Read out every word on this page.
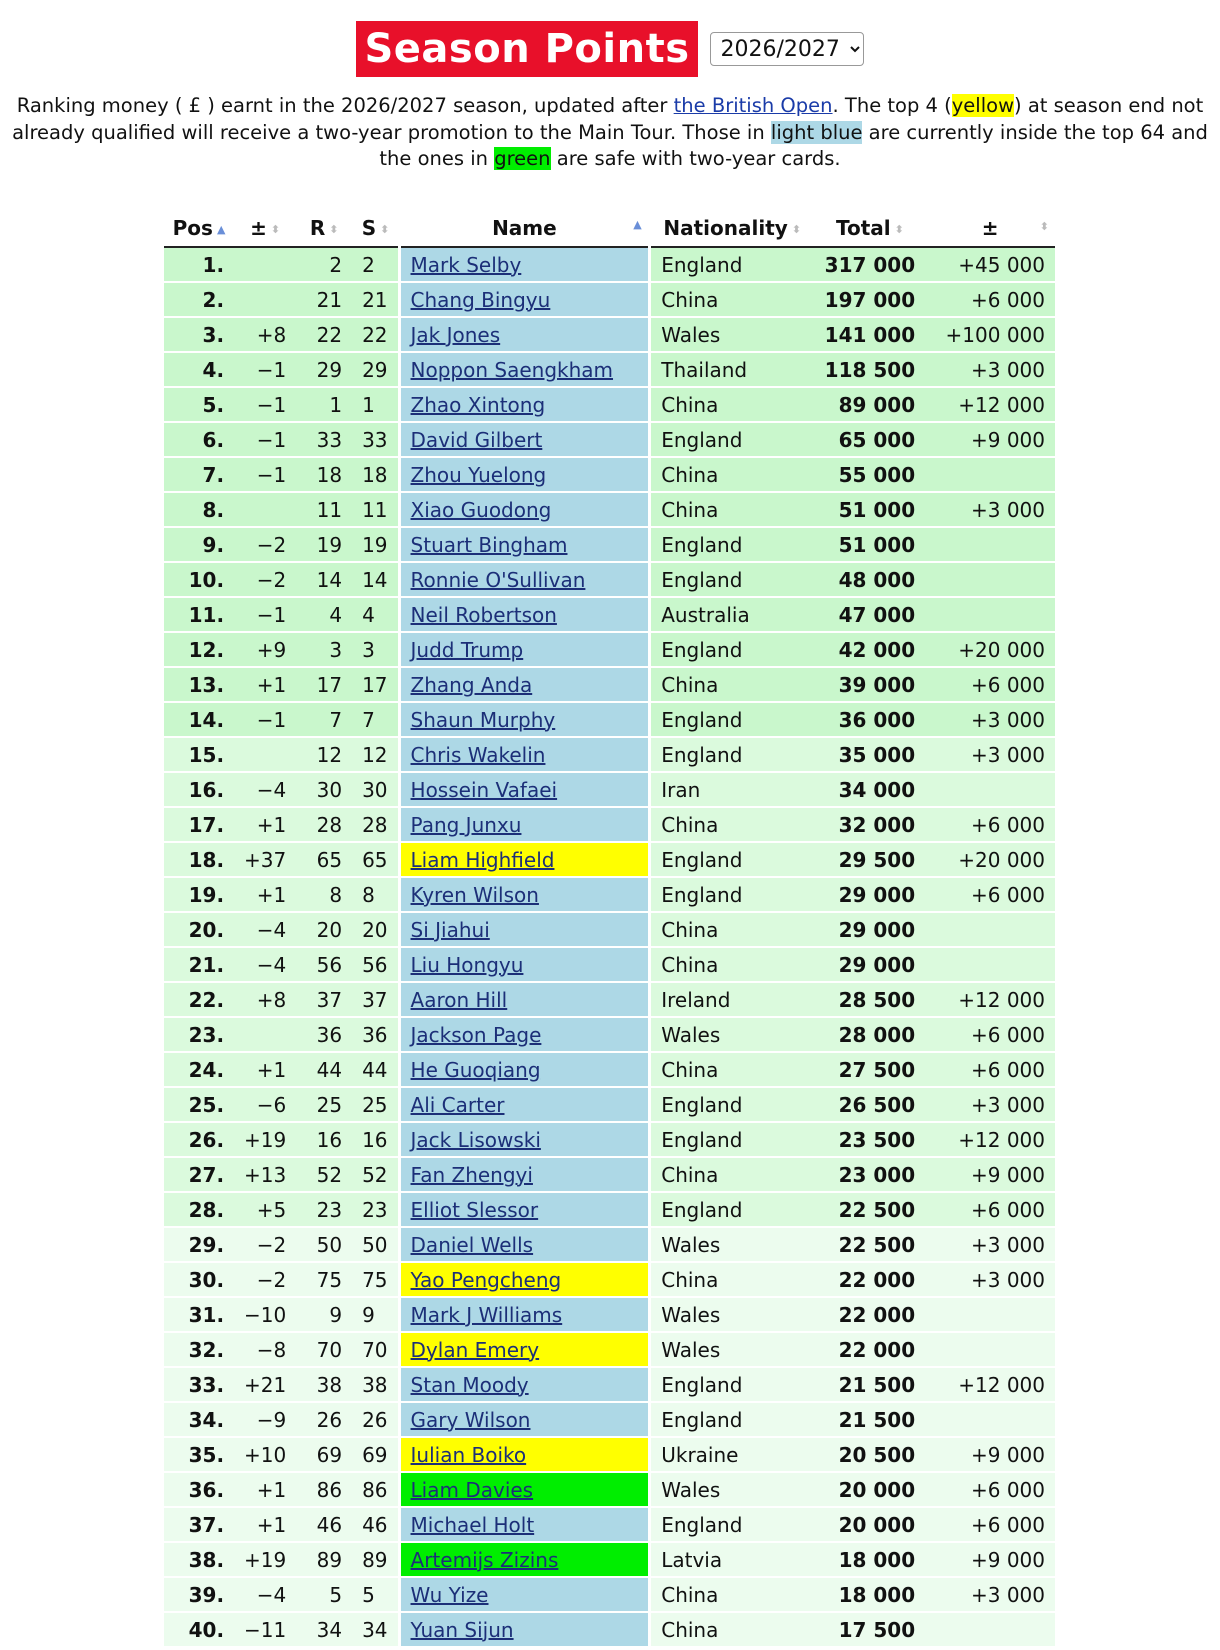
Season Points
2026/2027
Ranking money ( £ ) earnt in the 2026/2027 season, updated after the British Open. The top 4 (yellow) at season end not already qualified will receive a two-year promotion to the Main Tour. Those in light blue are currently inside the top 64 and the ones in green are safe with two-year cards.
Pos ▲	± ⬍	R ⬍	S ⬍	Name ▲	Nationality ⬍	Total ⬍	± ⬍

1.		2	2	Mark Selby	England	317 000	+45 000
2.		21	21	Chang Bingyu	China	197 000	+6 000
3.	+8	22	22	Jak Jones	Wales	141 000	+100 000
4.	−1	29	29	Noppon Saengkham	Thailand	118 500	+3 000
5.	−1	1	1	Zhao Xintong	China	89 000	+12 000
6.	−1	33	33	David Gilbert	England	65 000	+9 000
7.	−1	18	18	Zhou Yuelong	China	55 000	
8.		11	11	Xiao Guodong	China	51 000	+3 000
9.	−2	19	19	Stuart Bingham	England	51 000	
10.	−2	14	14	Ronnie O'Sullivan	England	48 000	
11.	−1	4	4	Neil Robertson	Australia	47 000	
12.	+9	3	3	Judd Trump	England	42 000	+20 000
13.	+1	17	17	Zhang Anda	China	39 000	+6 000
14.	−1	7	7	Shaun Murphy	England	36 000	+3 000
15.		12	12	Chris Wakelin	England	35 000	+3 000
16.	−4	30	30	Hossein Vafaei	Iran	34 000	
17.	+1	28	28	Pang Junxu	China	32 000	+6 000
18.	+37	65	65	Liam Highfield	England	29 500	+20 000
19.	+1	8	8	Kyren Wilson	England	29 000	+6 000
20.	−4	20	20	Si Jiahui	China	29 000	
21.	−4	56	56	Liu Hongyu	China	29 000	
22.	+8	37	37	Aaron Hill	Ireland	28 500	+12 000
23.		36	36	Jackson Page	Wales	28 000	+6 000
24.	+1	44	44	He Guoqiang	China	27 500	+6 000
25.	−6	25	25	Ali Carter	England	26 500	+3 000
26.	+19	16	16	Jack Lisowski	England	23 500	+12 000
27.	+13	52	52	Fan Zhengyi	China	23 000	+9 000
28.	+5	23	23	Elliot Slessor	England	22 500	+6 000
29.	−2	50	50	Daniel Wells	Wales	22 500	+3 000
30.	−2	75	75	Yao Pengcheng	China	22 000	+3 000
31.	−10	9	9	Mark J Williams	Wales	22 000	
32.	−8	70	70	Dylan Emery	Wales	22 000	
33.	+21	38	38	Stan Moody	England	21 500	+12 000
34.	−9	26	26	Gary Wilson	England	21 500	
35.	+10	69	69	Iulian Boiko	Ukraine	20 500	+9 000
36.	+1	86	86	Liam Davies	Wales	20 000	+6 000
37.	+1	46	46	Michael Holt	England	20 000	+6 000
38.	+19	89	89	Artemijs Zizins	Latvia	18 000	+9 000
39.	−4	5	5	Wu Yize	China	18 000	+3 000
40.	−11	34	34	Yuan Sijun	China	17 500	
